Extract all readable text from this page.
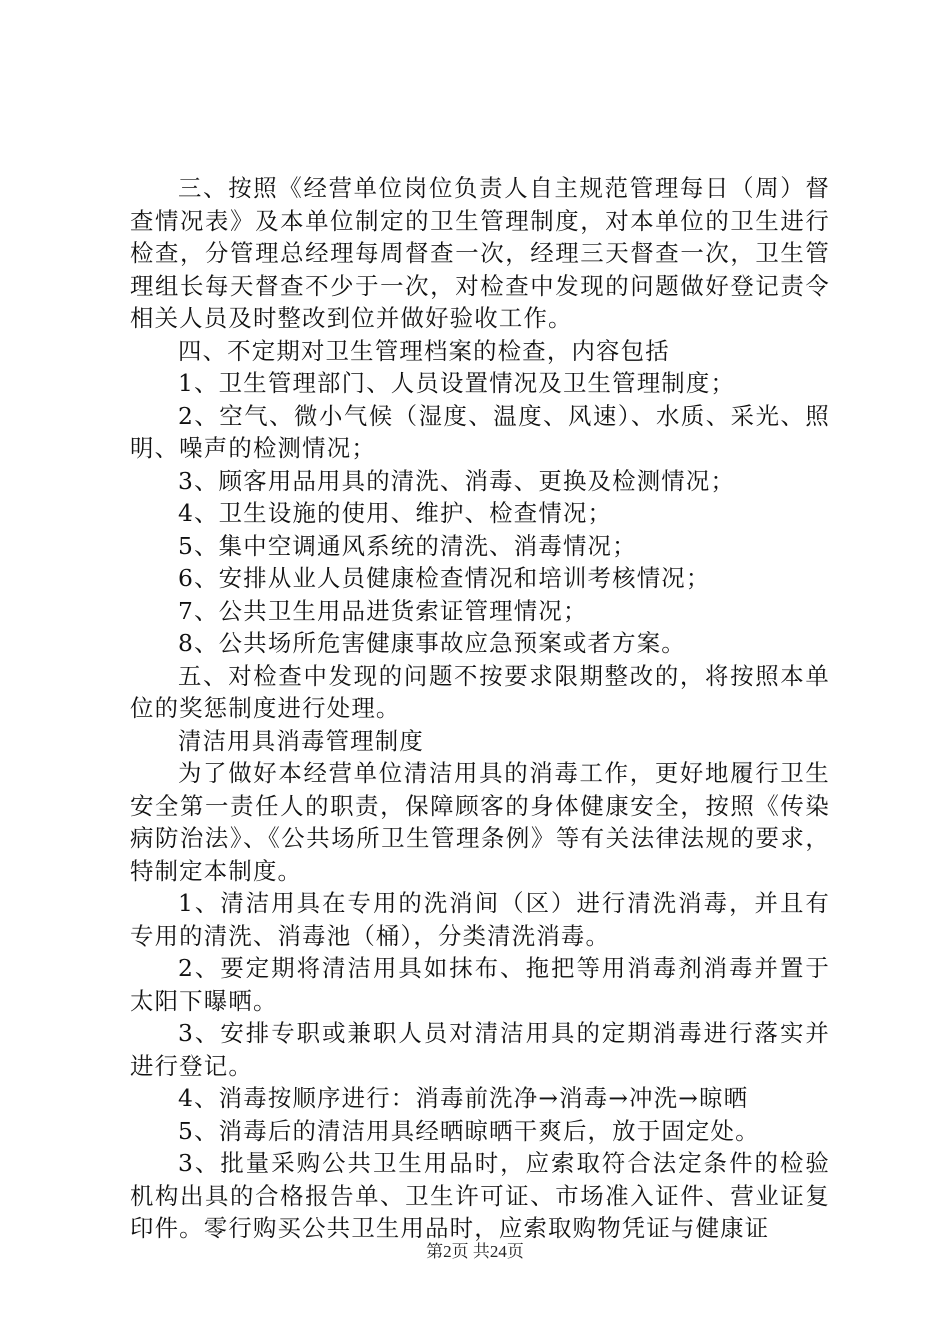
三、按照《经营单位岗位负责人自主规范管理每日（周）督查情况表》及本单位制定的卫生管理制度，对本单位的卫生进行检查，分管理总经理每周督查一次，经理三天督查一次，卫生管理组长每天督查不少于一次，对检查中发现的问题做好登记责令相关人员及时整改到位并做好验收工作。

四、不定期对卫生管理档案的检查，内容包括

1、卫生管理部门、人员设置情况及卫生管理制度；

2、空气、微小气候（湿度、温度、风速）、水质、采光、照明、噪声的检测情况；

3、顾客用品用具的清洗、消毒、更换及检测情况；

4、卫生设施的使用、维护、检查情况；

5、集中空调通风系统的清洗、消毒情况；

6、安排从业人员健康检查情况和培训考核情况；

7、公共卫生用品进货索证管理情况；

8、公共场所危害健康事故应急预案或者方案。

五、对检查中发现的问题不按要求限期整改的，将按照本单位的奖惩制度进行处理。

清洁用具消毒管理制度

为了做好本经营单位清洁用具的消毒工作，更好地履行卫生安全第一责任人的职责，保障顾客的身体健康安全，按照《传染病防治法》、《公共场所卫生管理条例》等有关法律法规的要求，特制定本制度。

1、清洁用具在专用的洗消间（区）进行清洗消毒，并且有专用的清洗、消毒池（桶），分类清洗消毒。

2、要定期将清洁用具如抹布、拖把等用消毒剂消毒并置于太阳下曝晒。

3、安排专职或兼职人员对清洁用具的定期消毒进行落实并进行登记。

4、消毒按顺序进行：消毒前洗净→消毒→冲洗→晾晒

5、消毒后的清洁用具经晒晾晒干爽后，放于固定处。

3、批量采购公共卫生用品时，应索取符合法定条件的检验机构出具的合格报告单、卫生许可证、市场准入证件、营业证复印件。零行购买公共卫生用品时，应索取购物凭证与健康证

第2页 共24页
